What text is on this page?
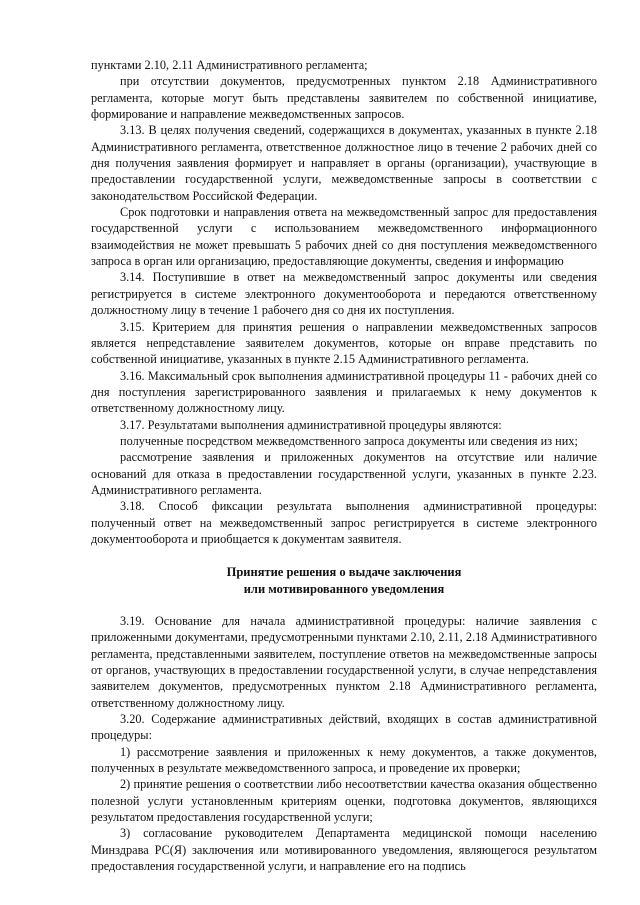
пунктами 2.10, 2.11 Административного регламента;

при отсутствии документов, предусмотренных пунктом 2.18 Административного регламента, которые могут быть представлены заявителем по собственной инициативе, формирование и направление межведомственных запросов.

3.13. В целях получения сведений, содержащихся в документах, указанных в пункте 2.18 Административного регламента, ответственное должностное лицо в течение 2 рабочих дней со дня получения заявления формирует и направляет в органы (организации), участвующие в предоставлении государственной услуги, межведомственные запросы в соответствии с законодательством Российской Федерации.

Срок подготовки и направления ответа на межведомственный запрос для предоставления государственной услуги с использованием межведомственного информационного взаимодействия не может превышать 5 рабочих дней со дня поступления межведомственного запроса в орган или организацию, предоставляющие документы, сведения и информацию

3.14. Поступившие в ответ на межведомственный запрос документы или сведения регистрируется в системе электронного документооборота и передаются ответственному должностному лицу в течение 1 рабочего дня со дня их поступления.

3.15. Критерием для принятия решения о направлении межведомственных запросов является непредставление заявителем документов, которые он вправе представить по собственной инициативе, указанных в пункте 2.15 Административного регламента.

3.16. Максимальный срок выполнения административной процедуры 11 - рабочих дней со дня поступления зарегистрированного заявления и прилагаемых к нему документов к ответственному должностному лицу.

3.17. Результатами выполнения административной процедуры являются:

полученные посредством межведомственного запроса документы или сведения из них;

рассмотрение заявления и приложенных документов на отсутствие или наличие оснований для отказа в предоставлении государственной услуги, указанных в пункте 2.23. Административного регламента.

3.18. Способ фиксации результата выполнения административной процедуры: полученный ответ на межведомственный запрос регистрируется в системе электронного документооборота и приобщается к документам заявителя.

Принятие решения о выдаче заключения

или мотивированного уведомления

3.19. Основание для начала административной процедуры: наличие заявления с приложенными документами, предусмотренными пунктами 2.10, 2.11, 2.18 Административного регламента, представленными заявителем, поступление ответов на межведомственные запросы от органов, участвующих в предоставлении государственной услуги, в случае непредставления заявителем документов, предусмотренных пунктом 2.18 Административного регламента, ответственному должностному лицу.

3.20. Содержание административных действий, входящих в состав административной процедуры:

1) рассмотрение заявления и приложенных к нему документов, а также документов, полученных в результате межведомственного запроса, и проведение их проверки;

2) принятие решения о соответствии либо несоответствии качества оказания общественно полезной услуги установленным критериям оценки, подготовка документов, являющихся результатом предоставления государственной услуги;

3) согласование руководителем Департамента медицинской помощи населению Минздрава РС(Я) заключения или мотивированного уведомления, являющегося результатом предоставления государственной услуги, и направление его на подпись
